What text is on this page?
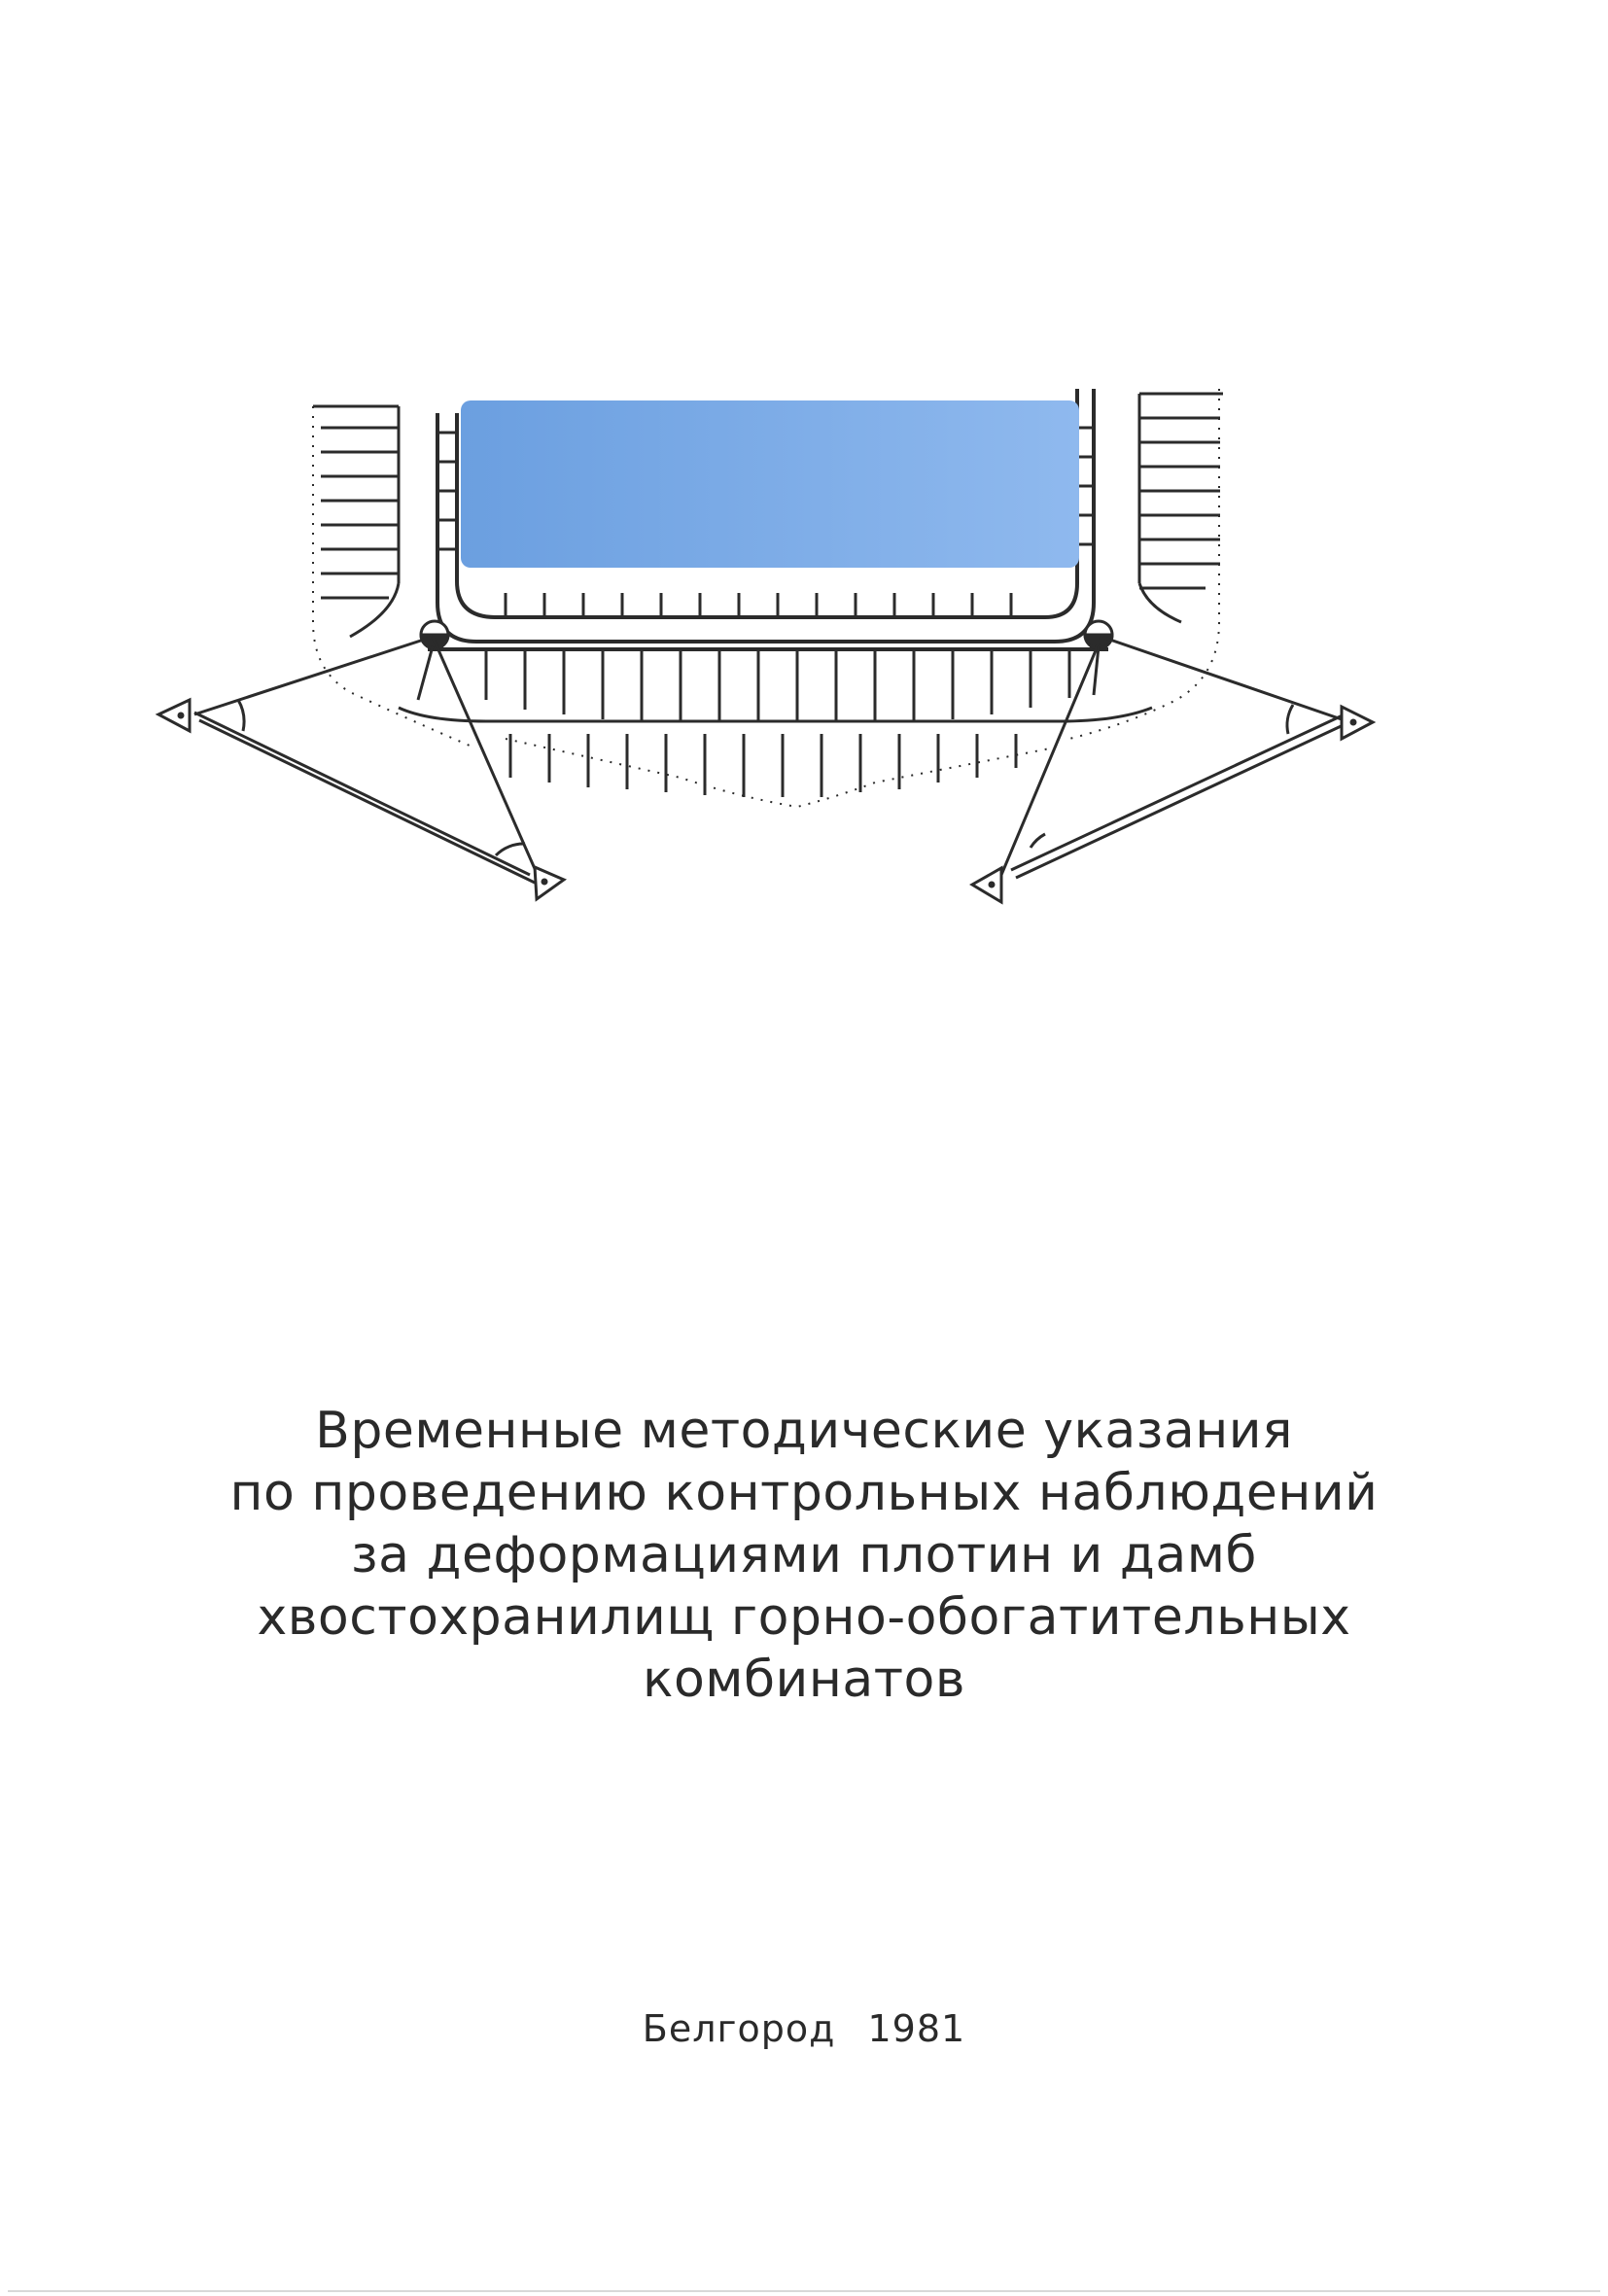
Временные методические указания
по проведению контрольных наблюдений
за деформациями плотин и дамб
хвостохранилищ горно-обогатительных
комбинатов
Белгород 1981
